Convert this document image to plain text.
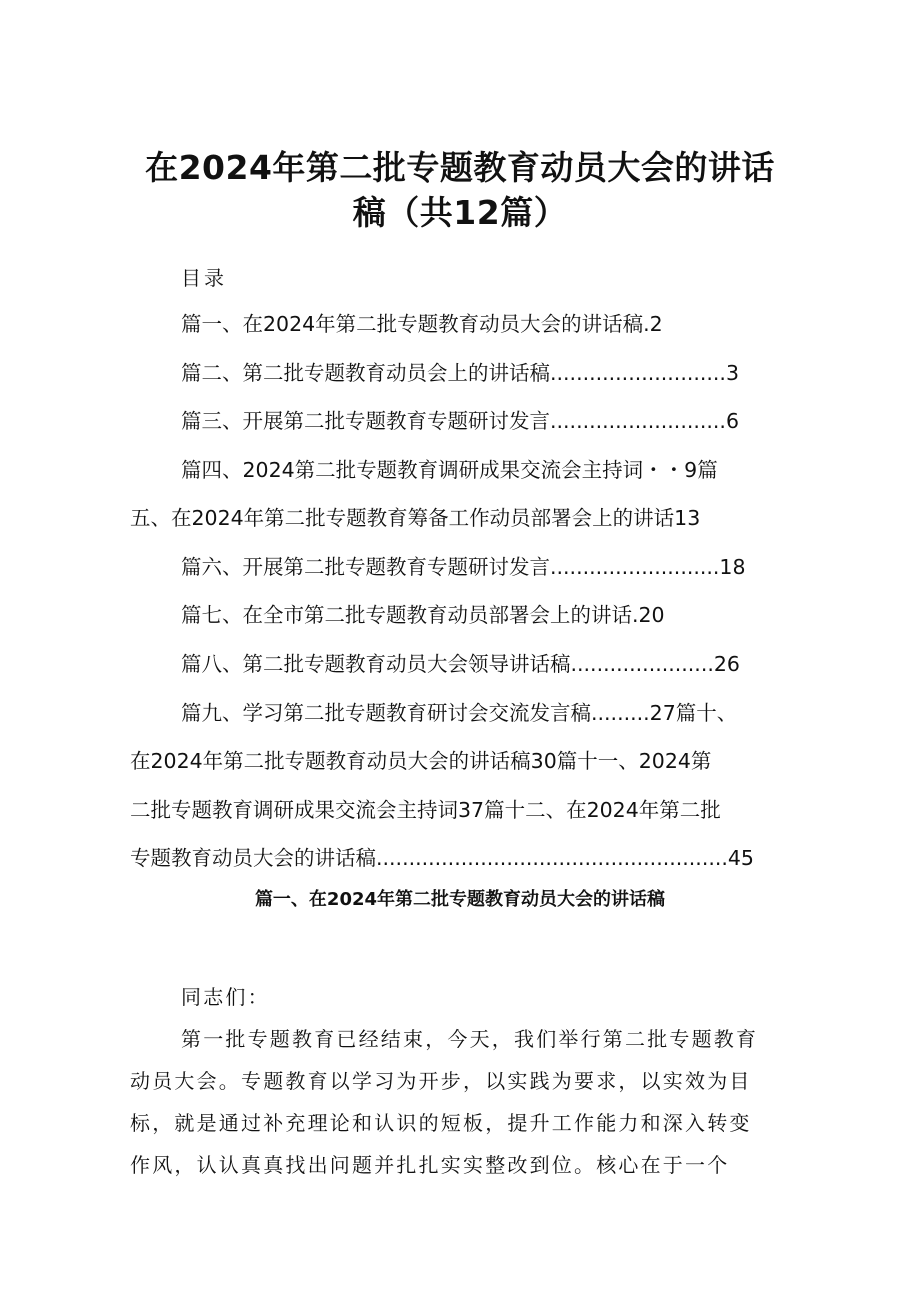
在2024年第二批专题教育动员大会的讲话
稿（共12篇）
目录
篇一、在2024年第二批专题教育动员大会的讲话稿.2
篇二、第二批专题教育动员会上的讲话稿...........................3
篇三、开展第二批专题教育专题研讨发言...........................6
篇四、2024第二批专题教育调研成果交流会主持词・・9篇
五、在2024年第二批专题教育筹备工作动员部署会上的讲话13
篇六、开展第二批专题教育专题研讨发言..........................18
篇七、在全市第二批专题教育动员部署会上的讲话.20
篇八、第二批专题教育动员大会领导讲话稿......................26
篇九、学习第二批专题教育研讨会交流发言稿.........27篇十、
在2024年第二批专题教育动员大会的讲话稿30篇十一、2024第
二批专题教育调研成果交流会主持词37篇十二、在2024年第二批
专题教育动员大会的讲话稿......................................................45
篇一、在2024年第二批专题教育动员大会的讲话稿
同志们：
第一批专题教育已经结束，今天，我们举行第二批专题教育
动员大会。专题教育以学习为开步，以实践为要求，以实效为目
标，就是通过补充理论和认识的短板，提升工作能力和深入转变
作风，认认真真找出问题并扎扎实实整改到位。核心在于一个
